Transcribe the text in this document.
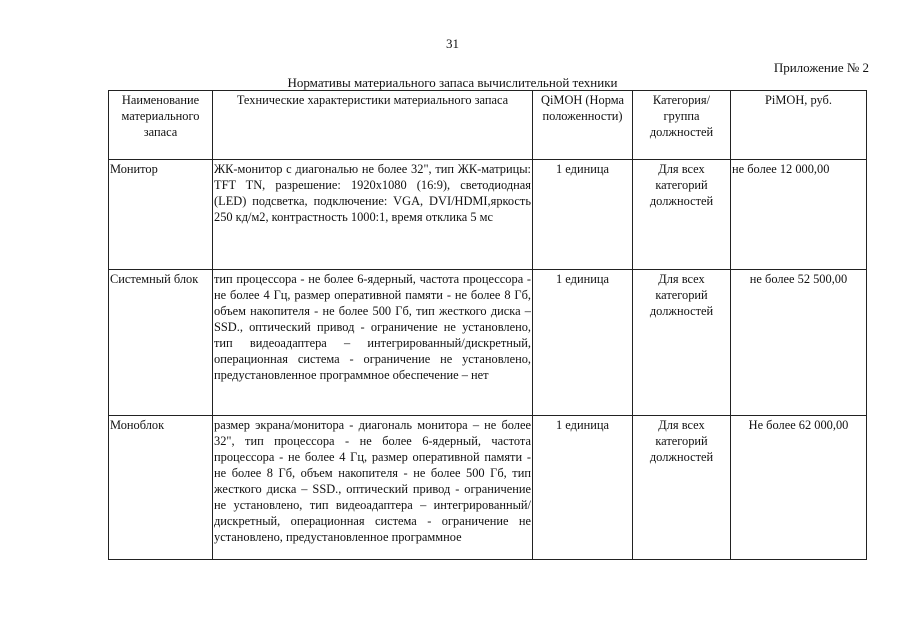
31
Приложение № 2
Нормативы материального запаса вычислительной техники
Наименование материального запаса	Технические характеристики материального запаса	QiМОН (Норма положенности)	Категория/ группа должностей	PiМОН, руб.
Монитор	ЖК-монитор с диагональю не более 32", тип ЖК-матрицы: TFT TN, разрешение: 1920х1080 (16:9), светодиодная (LED) подсветка, подключение: VGA, DVI/HDMI,яркость 250 кд/м2, контрастность 1000:1, время отклика 5 мс	1 единица	Для всех категорий должностей	не более 12 000,00
Системный блок	тип процессора - не более 6-ядерный, частота процессора - не более 4 Гц, размер оперативной памяти - не более 8 Гб, объем накопителя - не более 500 Гб, тип жесткого диска – SSD., оптический привод - ограничение не установлено, тип видеоадаптера – интегрированный/дискретный, операционная система - ограничение не установлено, предустановленное программное обеспечение – нет	1 единица	Для всех категорий должностей	не более 52 500,00
Моноблок	размер экрана/монитора - диагональ монитора – не более 32", тип процессора - не более 6-ядерный, частота процессора - не более 4 Гц, размер оперативной памяти - не более 8 Гб, объем накопителя - не более 500 Гб, тип жесткого диска – SSD., оптический привод - ограничение не установлено, тип видеоадаптера – интегрированный/ дискретный, операционная система - ограничение не установлено, предустановленное программное	1 единица	Для всех категорий должностей	Не более 62 000,00
